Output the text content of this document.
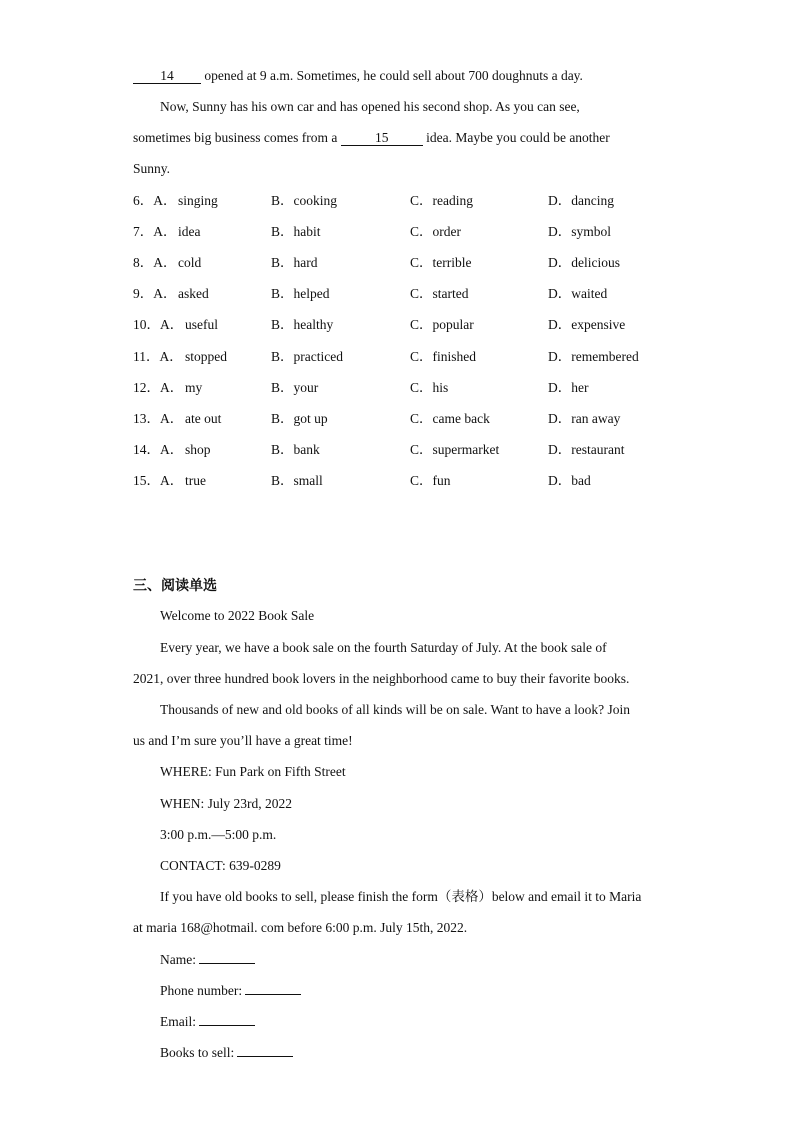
14 opened at 9 a.m. Sometimes, he could sell about 700 doughnuts a day.
Now, Sunny has his own car and has opened his second shop. As you can see,
sometimes big business comes from a	15	idea. Maybe you could be another
Sunny.
6．A． singing	B．cooking	C．reading	D．dancing
7．A． idea	B．habit	C．order	D．symbol
8．A． cold	B．hard	C．terrible	D．delicious
9．A． asked	B．helped	C．started	D．waited
10．A． useful	B．healthy	C．popular	D．expensive
11．A． stopped	B．practiced	C．finished	D．remembered
12．A． my	B．your	C．his	D．her
13．A． ate out	B．got up	C．came back	D．ran away
14．A． shop	B．bank	C．supermarket	D．restaurant
15．A． true	B．small	C．fun	D．bad
三、阅读单选
Welcome to 2022 Book Sale
Every year, we have a book sale on the fourth Saturday of July. At the book sale of
2021, over three hundred book lovers in the neighborhood came to buy their favorite books.
Thousands of new and old books of all kinds will be on sale. Want to have a look? Join
us and I’m sure you’ll have a great time!
WHERE: Fun Park on Fifth Street
WHEN: July 23rd, 2022
3:00 p.m.—5:00 p.m.
CONTACT: 639-0289
If you have old books to sell, please finish the form（表格）below and email it to Maria
at maria 168@hotmail. com before 6:00 p.m. July 15th, 2022.
Name:
Phone number:
Email:
Books to sell:
